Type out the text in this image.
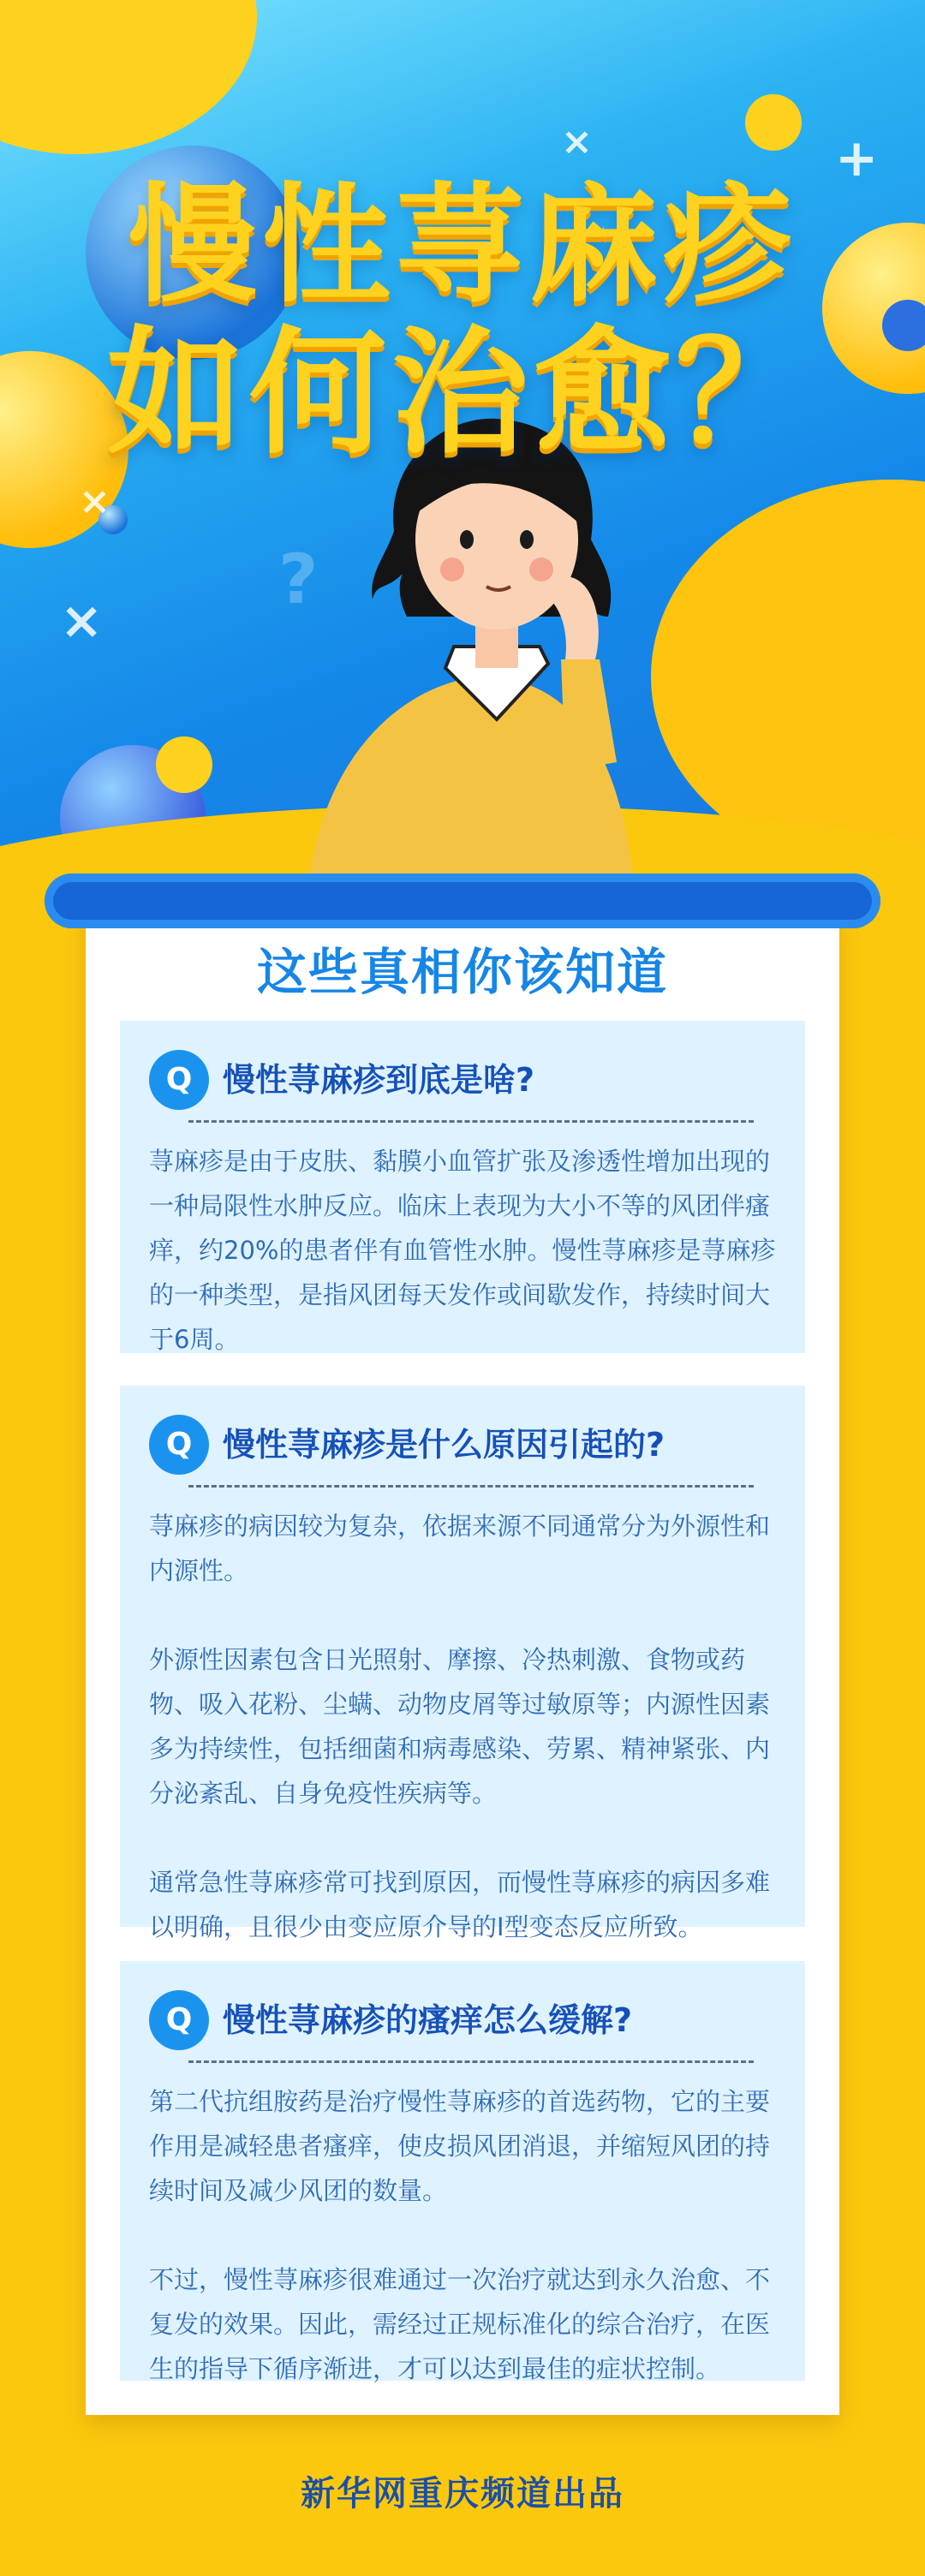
+
×
×
×
?
慢性荨麻疹
如何治愈？
这些真相你该知道
Q 慢性荨麻疹到底是啥?

荨麻疹是由于皮肤、黏膜小血管扩张及渗透性增加出现的一种局限性水肿反应。临床上表现为大小不等的风团伴瘙痒，约20%的患者伴有血管性水肿。慢性荨麻疹是荨麻疹的一种类型，是指风团每天发作或间歇发作，持续时间大于6周。

Q 慢性荨麻疹是什么原因引起的?

荨麻疹的病因较为复杂，依据来源不同通常分为外源性和内源性。

外源性因素包含日光照射、摩擦、冷热刺激、食物或药物、吸入花粉、尘螨、动物皮屑等过敏原等；内源性因素多为持续性，包括细菌和病毒感染、劳累、精神紧张、内分泌紊乱、自身免疫性疾病等。

通常急性荨麻疹常可找到原因，而慢性荨麻疹的病因多难以明确，且很少由变应原介导的I型变态反应所致。

Q 慢性荨麻疹的瘙痒怎么缓解?

第二代抗组胺药是治疗慢性荨麻疹的首选药物，它的主要作用是减轻患者瘙痒，使皮损风团消退，并缩短风团的持续时间及减少风团的数量。

不过，慢性荨麻疹很难通过一次治疗就达到永久治愈、不复发的效果。因此，需经过正规标准化的综合治疗，在医生的指导下循序渐进，才可以达到最佳的症状控制。

新华网重庆频道出品
